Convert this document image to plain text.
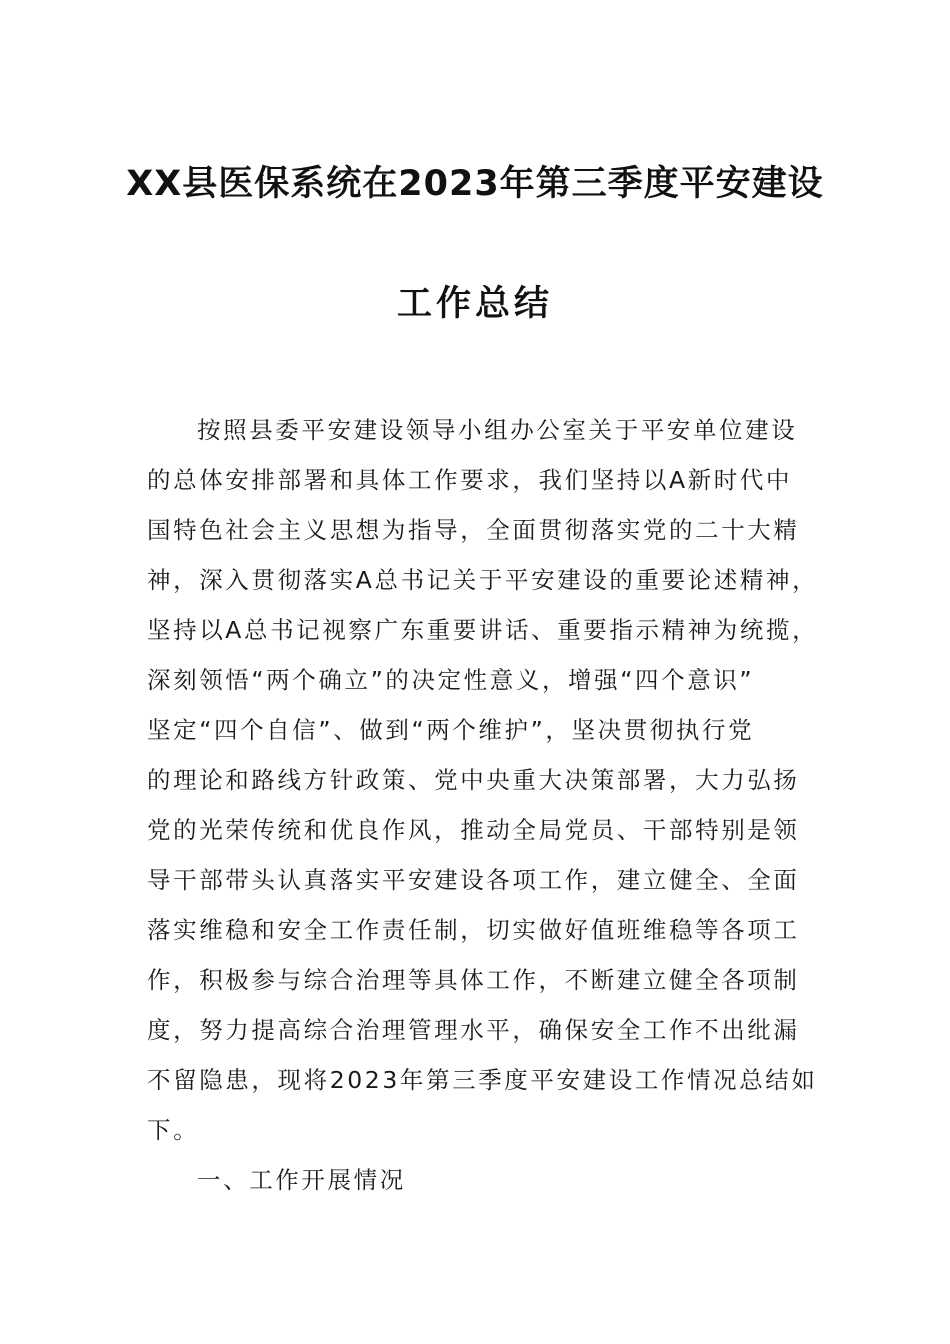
XX县医保系统在2023年第三季度平安建设
工作总结
按照县委平安建设领导小组办公室关于平安单位建设
的总体安排部署和具体工作要求，我们坚持以A新时代中
国特色社会主义思想为指导，全面贯彻落实党的二十大精
神，深入贯彻落实A总书记关于平安建设的重要论述精神，
坚持以A总书记视察广东重要讲话、重要指示精神为统揽，
深刻领悟“两个确立”的决定性意义，增强“四个意识”
坚定“四个自信”、做到“两个维护”，坚决贯彻执行党
的理论和路线方针政策、党中央重大决策部署，大力弘扬
党的光荣传统和优良作风，推动全局党员、干部特别是领
导干部带头认真落实平安建设各项工作，建立健全、全面
落实维稳和安全工作责任制，切实做好值班维稳等各项工
作，积极参与综合治理等具体工作，不断建立健全各项制
度，努力提高综合治理管理水平，确保安全工作不出纰漏
不留隐患，现将2023年第三季度平安建设工作情况总结如
下。
一、工作开展情况
